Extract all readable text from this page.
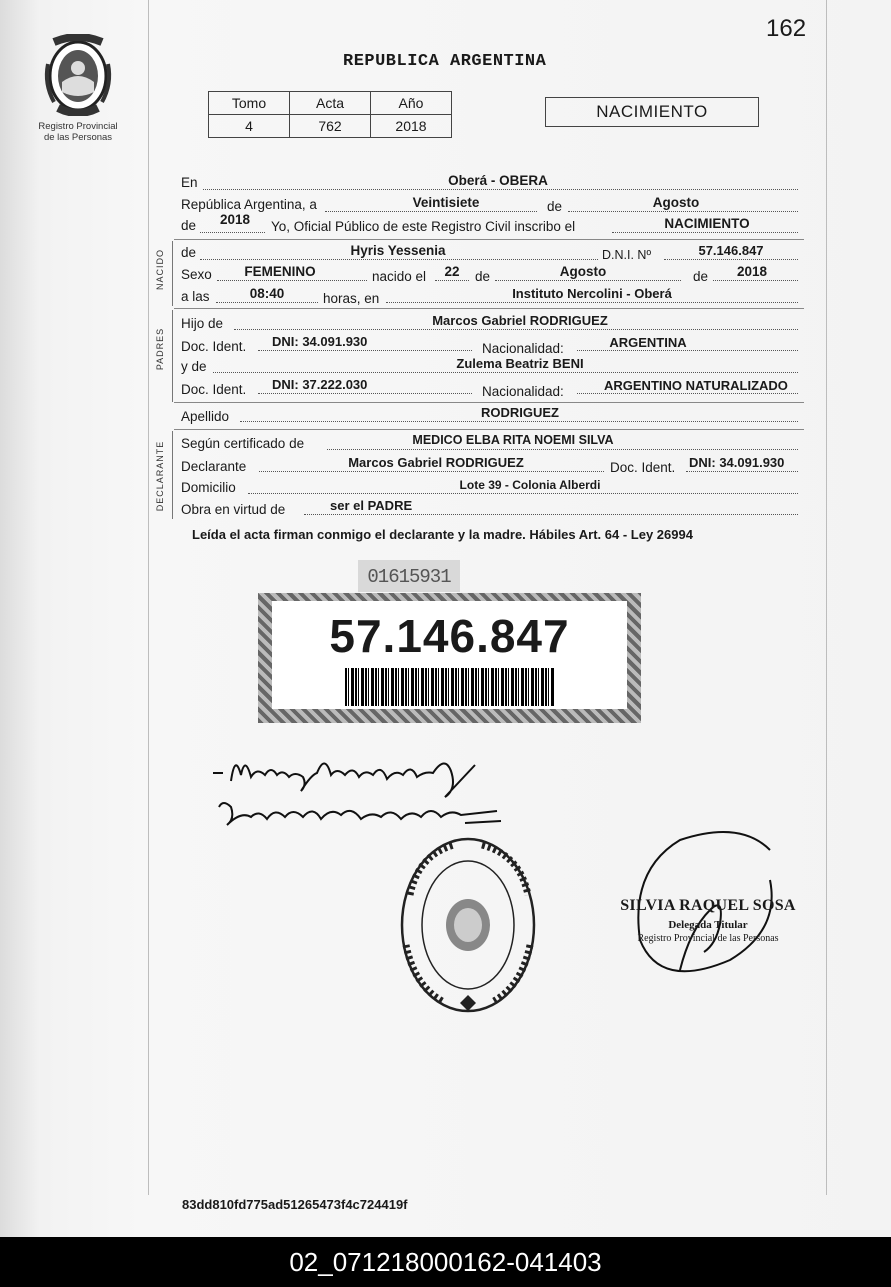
162
Registro Provincial
de las Personas
REPUBLICA ARGENTINA
Tomo	Acta	Año
4	762	2018
NACIMIENTO
En	Oberá - OBERA
República Argentina, a	Veintisiete	de	Agosto
de 2018 Yo, Oficial Público de este Registro Civil inscribo el	NACIMIENTO
NACIDO de	Hyris Yessenia	D.N.I. Nº	57.146.847
Sexo FEMENINO	nacido el 22 de	Agosto	de 2018
a las	08:40	horas, en	Instituto Nercolini - Oberá
PADRES
Hijo de	Marcos Gabriel RODRIGUEZ
Doc. Ident. DNI: 34.091.930	Nacionalidad:	ARGENTINA
y de	Zulema Beatriz BENI
Doc. Ident. DNI: 37.222.030	Nacionalidad:	ARGENTINO NATURALIZADO
Apellido	RODRIGUEZ
DECLARANTE Según certificado de	MEDICO ELBA RITA NOEMI SILVA
Declarante	Marcos Gabriel RODRIGUEZ	Doc. Ident. DNI: 34.091.930
Domicilio	Lote 39 - Colonia Alberdi
Obra en virtud de	ser el PADRE
Leída el acta firman conmigo el declarante y la madre. Hábiles Art. 64 - Ley 26994
01615931
57.146.847
SILVIA RAQUEL SOSA
Delegada Titular
Registro Provincial de las Personas
83dd810fd775ad51265473f4c724419f
02_071218000162-041403
